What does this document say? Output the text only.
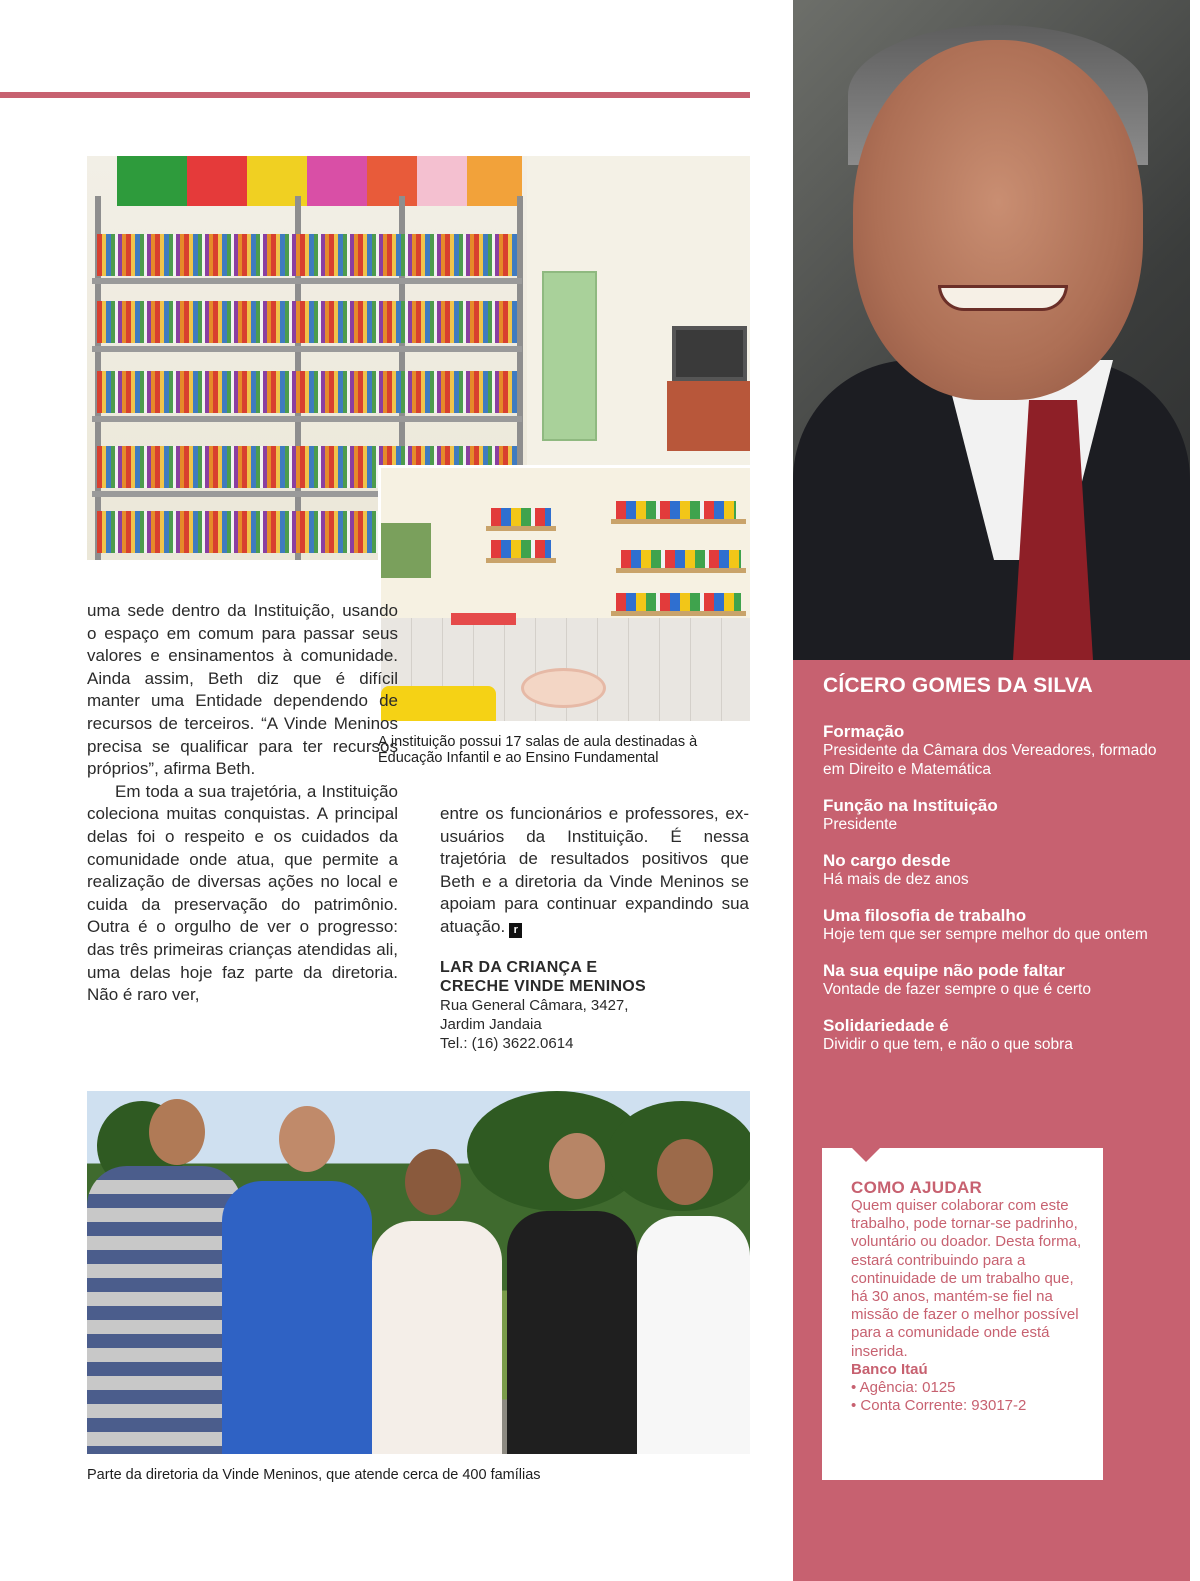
A instituição possui 17 salas de aula destinadas à Educação Infantil e ao Ensino Fundamental

uma sede dentro da Instituição, usando o espaço em comum para passar seus valores e ensinamentos à comunidade. Ainda assim, Beth diz que é difícil manter uma Entidade dependendo de recursos de terceiros. “A Vinde Meninos precisa se qualificar para ter recursos próprios”, afirma Beth.

Em toda a sua trajetória, a Instituição coleciona muitas conquistas. A principal delas foi o respeito e os cuidados da comunidade onde atua, que permite a realização de diversas ações no local e cuida da preservação do patrimônio. Outra é o orgulho de ver o progresso: das três primeiras crianças atendidas ali, uma delas hoje faz parte da diretoria. Não é raro ver,

entre os funcionários e professores, ex-usuários da Instituição. É nessa trajetória de resultados positivos que Beth e a diretoria da Vinde Meninos se apoiam para continuar expandindo sua atuação. r
LAR DA CRIANÇA E
CRECHE VINDE MENINOS
Rua General Câmara, 3427,
Jardim Jandaia
Tel.: (16) 3622.0614
Parte da diretoria da Vinde Meninos, que atende cerca de 400 famílias
CÍCERO GOMES DA SILVA
Formação
Presidente da Câmara dos Vereadores, formado em Direito e Matemática
Função na Instituição
Presidente
No cargo desde
Há mais de dez anos
Uma filosofia de trabalho
Hoje tem que ser sempre melhor do que ontem
Na sua equipe não pode faltar
Vontade de fazer sempre o que é certo
Solidariedade é
Dividir o que tem, e não o que sobra
COMO AJUDAR
Quem quiser colaborar com este trabalho, pode tornar-se padrinho, voluntário ou doador. Desta forma, estará contribuindo para a continuidade de um trabalho que, há 30 anos, mantém-se fiel na missão de fazer o melhor possível para a comunidade onde está inserida.
Banco Itaú
• Agência: 0125
• Conta Corrente: 93017-2
